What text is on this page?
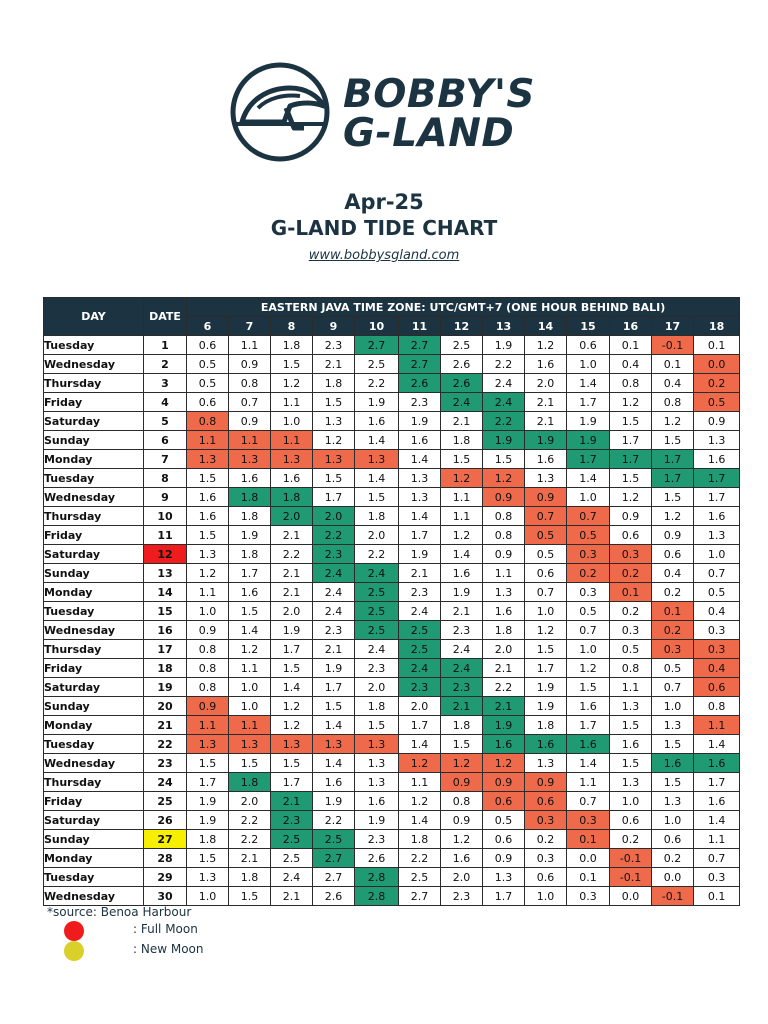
BOBBY'S
G-LAND
Apr-25
G-LAND TIDE CHART
www.bobbysgland.com
DAY	DATE	EASTERN JAVA TIME ZONE: UTC/GMT+7 (ONE HOUR BEHIND BALI)												
		6	7	8	9	10	11	12	13	14	15	16	17	18
Tuesday	1	0.6	1.1	1.8	2.3	2.7	2.7	2.5	1.9	1.2	0.6	0.1	-0.1	0.1
Wednesday	2	0.5	0.9	1.5	2.1	2.5	2.7	2.6	2.2	1.6	1.0	0.4	0.1	0.0
Thursday	3	0.5	0.8	1.2	1.8	2.2	2.6	2.6	2.4	2.0	1.4	0.8	0.4	0.2
Friday	4	0.6	0.7	1.1	1.5	1.9	2.3	2.4	2.4	2.1	1.7	1.2	0.8	0.5
Saturday	5	0.8	0.9	1.0	1.3	1.6	1.9	2.1	2.2	2.1	1.9	1.5	1.2	0.9
Sunday	6	1.1	1.1	1.1	1.2	1.4	1.6	1.8	1.9	1.9	1.9	1.7	1.5	1.3
Monday	7	1.3	1.3	1.3	1.3	1.3	1.4	1.5	1.5	1.6	1.7	1.7	1.7	1.6
Tuesday	8	1.5	1.6	1.6	1.5	1.4	1.3	1.2	1.2	1.3	1.4	1.5	1.7	1.7
Wednesday	9	1.6	1.8	1.8	1.7	1.5	1.3	1.1	0.9	0.9	1.0	1.2	1.5	1.7
Thursday	10	1.6	1.8	2.0	2.0	1.8	1.4	1.1	0.8	0.7	0.7	0.9	1.2	1.6
Friday	11	1.5	1.9	2.1	2.2	2.0	1.7	1.2	0.8	0.5	0.5	0.6	0.9	1.3
Saturday	12	1.3	1.8	2.2	2.3	2.2	1.9	1.4	0.9	0.5	0.3	0.3	0.6	1.0
Sunday	13	1.2	1.7	2.1	2.4	2.4	2.1	1.6	1.1	0.6	0.2	0.2	0.4	0.7
Monday	14	1.1	1.6	2.1	2.4	2.5	2.3	1.9	1.3	0.7	0.3	0.1	0.2	0.5
Tuesday	15	1.0	1.5	2.0	2.4	2.5	2.4	2.1	1.6	1.0	0.5	0.2	0.1	0.4
Wednesday	16	0.9	1.4	1.9	2.3	2.5	2.5	2.3	1.8	1.2	0.7	0.3	0.2	0.3
Thursday	17	0.8	1.2	1.7	2.1	2.4	2.5	2.4	2.0	1.5	1.0	0.5	0.3	0.3
Friday	18	0.8	1.1	1.5	1.9	2.3	2.4	2.4	2.1	1.7	1.2	0.8	0.5	0.4
Saturday	19	0.8	1.0	1.4	1.7	2.0	2.3	2.3	2.2	1.9	1.5	1.1	0.7	0.6
Sunday	20	0.9	1.0	1.2	1.5	1.8	2.0	2.1	2.1	1.9	1.6	1.3	1.0	0.8
Monday	21	1.1	1.1	1.2	1.4	1.5	1.7	1.8	1.9	1.8	1.7	1.5	1.3	1.1
Tuesday	22	1.3	1.3	1.3	1.3	1.3	1.4	1.5	1.6	1.6	1.6	1.6	1.5	1.4
Wednesday	23	1.5	1.5	1.5	1.4	1.3	1.2	1.2	1.2	1.3	1.4	1.5	1.6	1.6
Thursday	24	1.7	1.8	1.7	1.6	1.3	1.1	0.9	0.9	0.9	1.1	1.3	1.5	1.7
Friday	25	1.9	2.0	2.1	1.9	1.6	1.2	0.8	0.6	0.6	0.7	1.0	1.3	1.6
Saturday	26	1.9	2.2	2.3	2.2	1.9	1.4	0.9	0.5	0.3	0.3	0.6	1.0	1.4
Sunday	27	1.8	2.2	2.5	2.5	2.3	1.8	1.2	0.6	0.2	0.1	0.2	0.6	1.1
Monday	28	1.5	2.1	2.5	2.7	2.6	2.2	1.6	0.9	0.3	0.0	-0.1	0.2	0.7
Tuesday	29	1.3	1.8	2.4	2.7	2.8	2.5	2.0	1.3	0.6	0.1	-0.1	0.0	0.3
Wednesday	30	1.0	1.5	2.1	2.6	2.8	2.7	2.3	1.7	1.0	0.3	0.0	-0.1	0.1
*source: Benoa Harbour
: Full Moon
: New Moon
